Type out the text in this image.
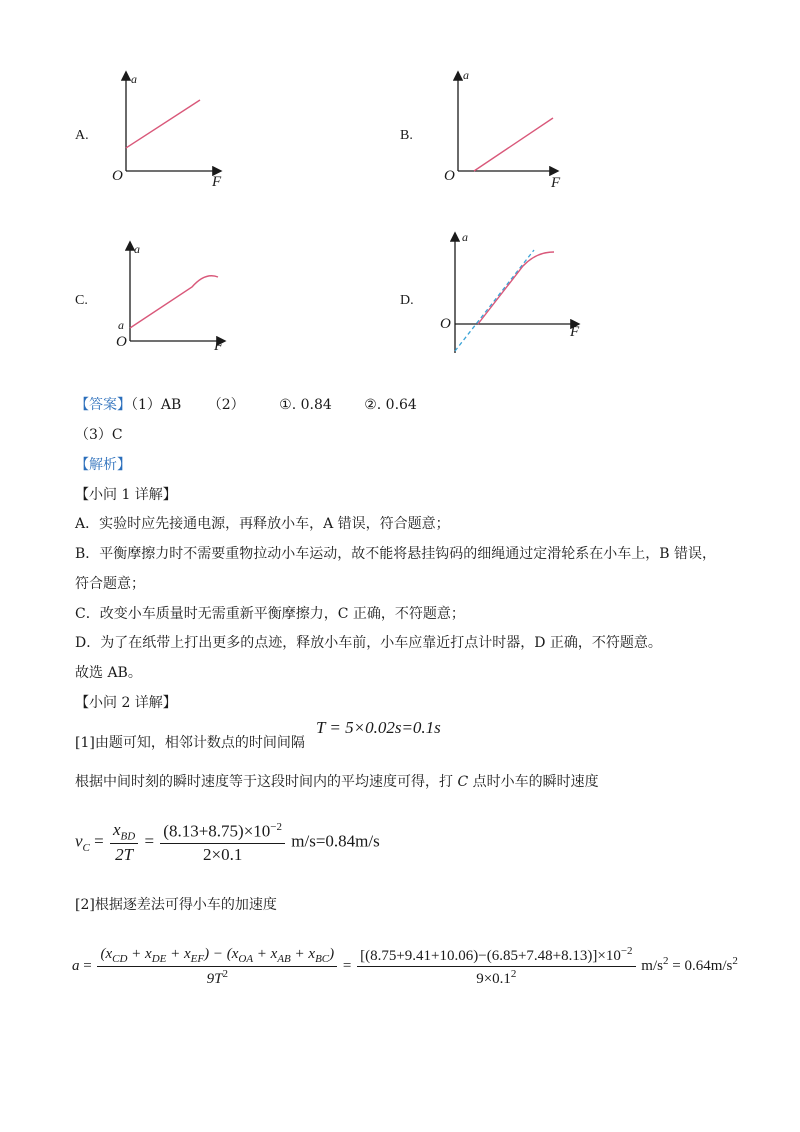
A.
a
O	F
B.
a
O	F
C.
a
a
O	F
D.
a
O	F
【答案】（1）AB （2） ①. 0.84 ②. 0.64
（3）C
【解析】
【小问 1 详解】
A．实验时应先接通电源，再释放小车，A 错误，符合题意；
B．平衡摩擦力时不需要重物拉动小车运动，故不能将悬挂钩码的细绳通过定滑轮系在小车上，B 错误，
符合题意；
C．改变小车质量时无需重新平衡摩擦力，C 正确，不符题意；
D．为了在纸带上打出更多的点迹，释放小车前，小车应靠近打点计时器，D 正确，不符题意。
故选 AB。
【小问 2 详解】
[1]由题可知，相邻计数点的时间间隔
T = 5×0.02s=0.1s
根据中间时刻的瞬时速度等于这段时间内的平均速度可得，打 C 点时小车的瞬时速度
$v_C = \frac{x_{BD}}{2T} = \frac{(8.13+8.75)\times 10^{-2}}{2\times 0.1} m/s=0.84m/s$
[2]根据逐差法可得小车的加速度
$a = \frac{(x_{CD} + x_{DE} + x_{EF}) - (x_{OA} + x_{AB} + x_{BC})}{9T^2} = \frac{[(8.75+9.41+10.06)-(6.85+7.48+8.13)]\times 10^{-2}}{9\times 0.1^2} m/s^2 = 0.64m/s^2$
